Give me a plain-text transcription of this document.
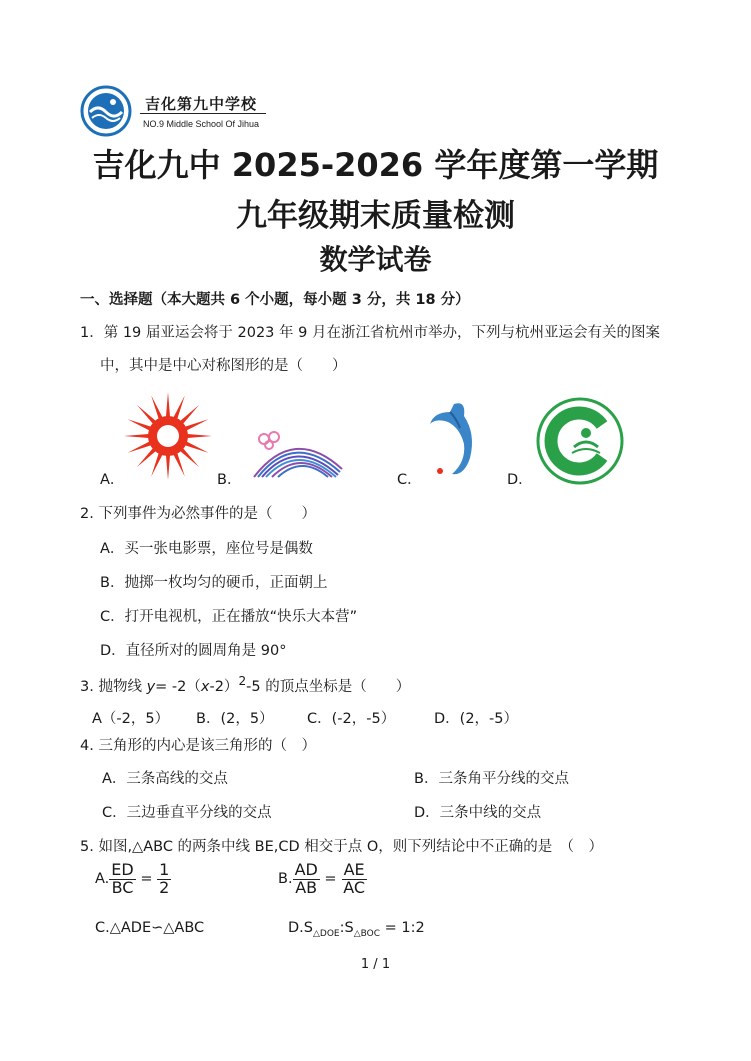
吉化第九中学校
NO.9 Middle School Of Jihua
吉化九中 2025-2026 学年度第一学期
九年级期末质量检测
数学试卷
一、选择题（本大题共 6 个小题，每小题 3 分，共 18 分）
1．第 19 届亚运会将于 2023 年 9 月在浙江省杭州市举办，下列与杭州亚运会有关的图案
中，其中是中心对称图形的是（　　）
A．	B．	C．	D．
2. 下列事件为必然事件的是（　　）
A．买一张电影票，座位号是偶数
B．抛掷一枚均匀的硬币，正面朝上
C．打开电视机，正在播放“快乐大本营”
D．直径所对的圆周角是 90°
3. 抛物线 $y= -2(x-2)^2-5$ 的顶点坐标是（　　）
A（-2，5） B．(2，5） C．(-2，-5）	D．(2，-5）
4. 三角形的内心是该三角形的（　）
A．三条高线的交点	B．三条角平分线的交点
C．三边垂直平分线的交点	D．三条中线的交点
5. 如图,△ABC 的两条中线 BE,CD 相交于点 O，则下列结论中不正确的是　（　）
A. $\frac{ED}{BC} = \frac{1}{2}$	B. $\frac{AD}{AB} = \frac{AE}{AC}$
C.△ADE∽△ABC	$D.S_{\triangle DOE}:S_{\triangle BOC}$ = 1:2
1 / 1
